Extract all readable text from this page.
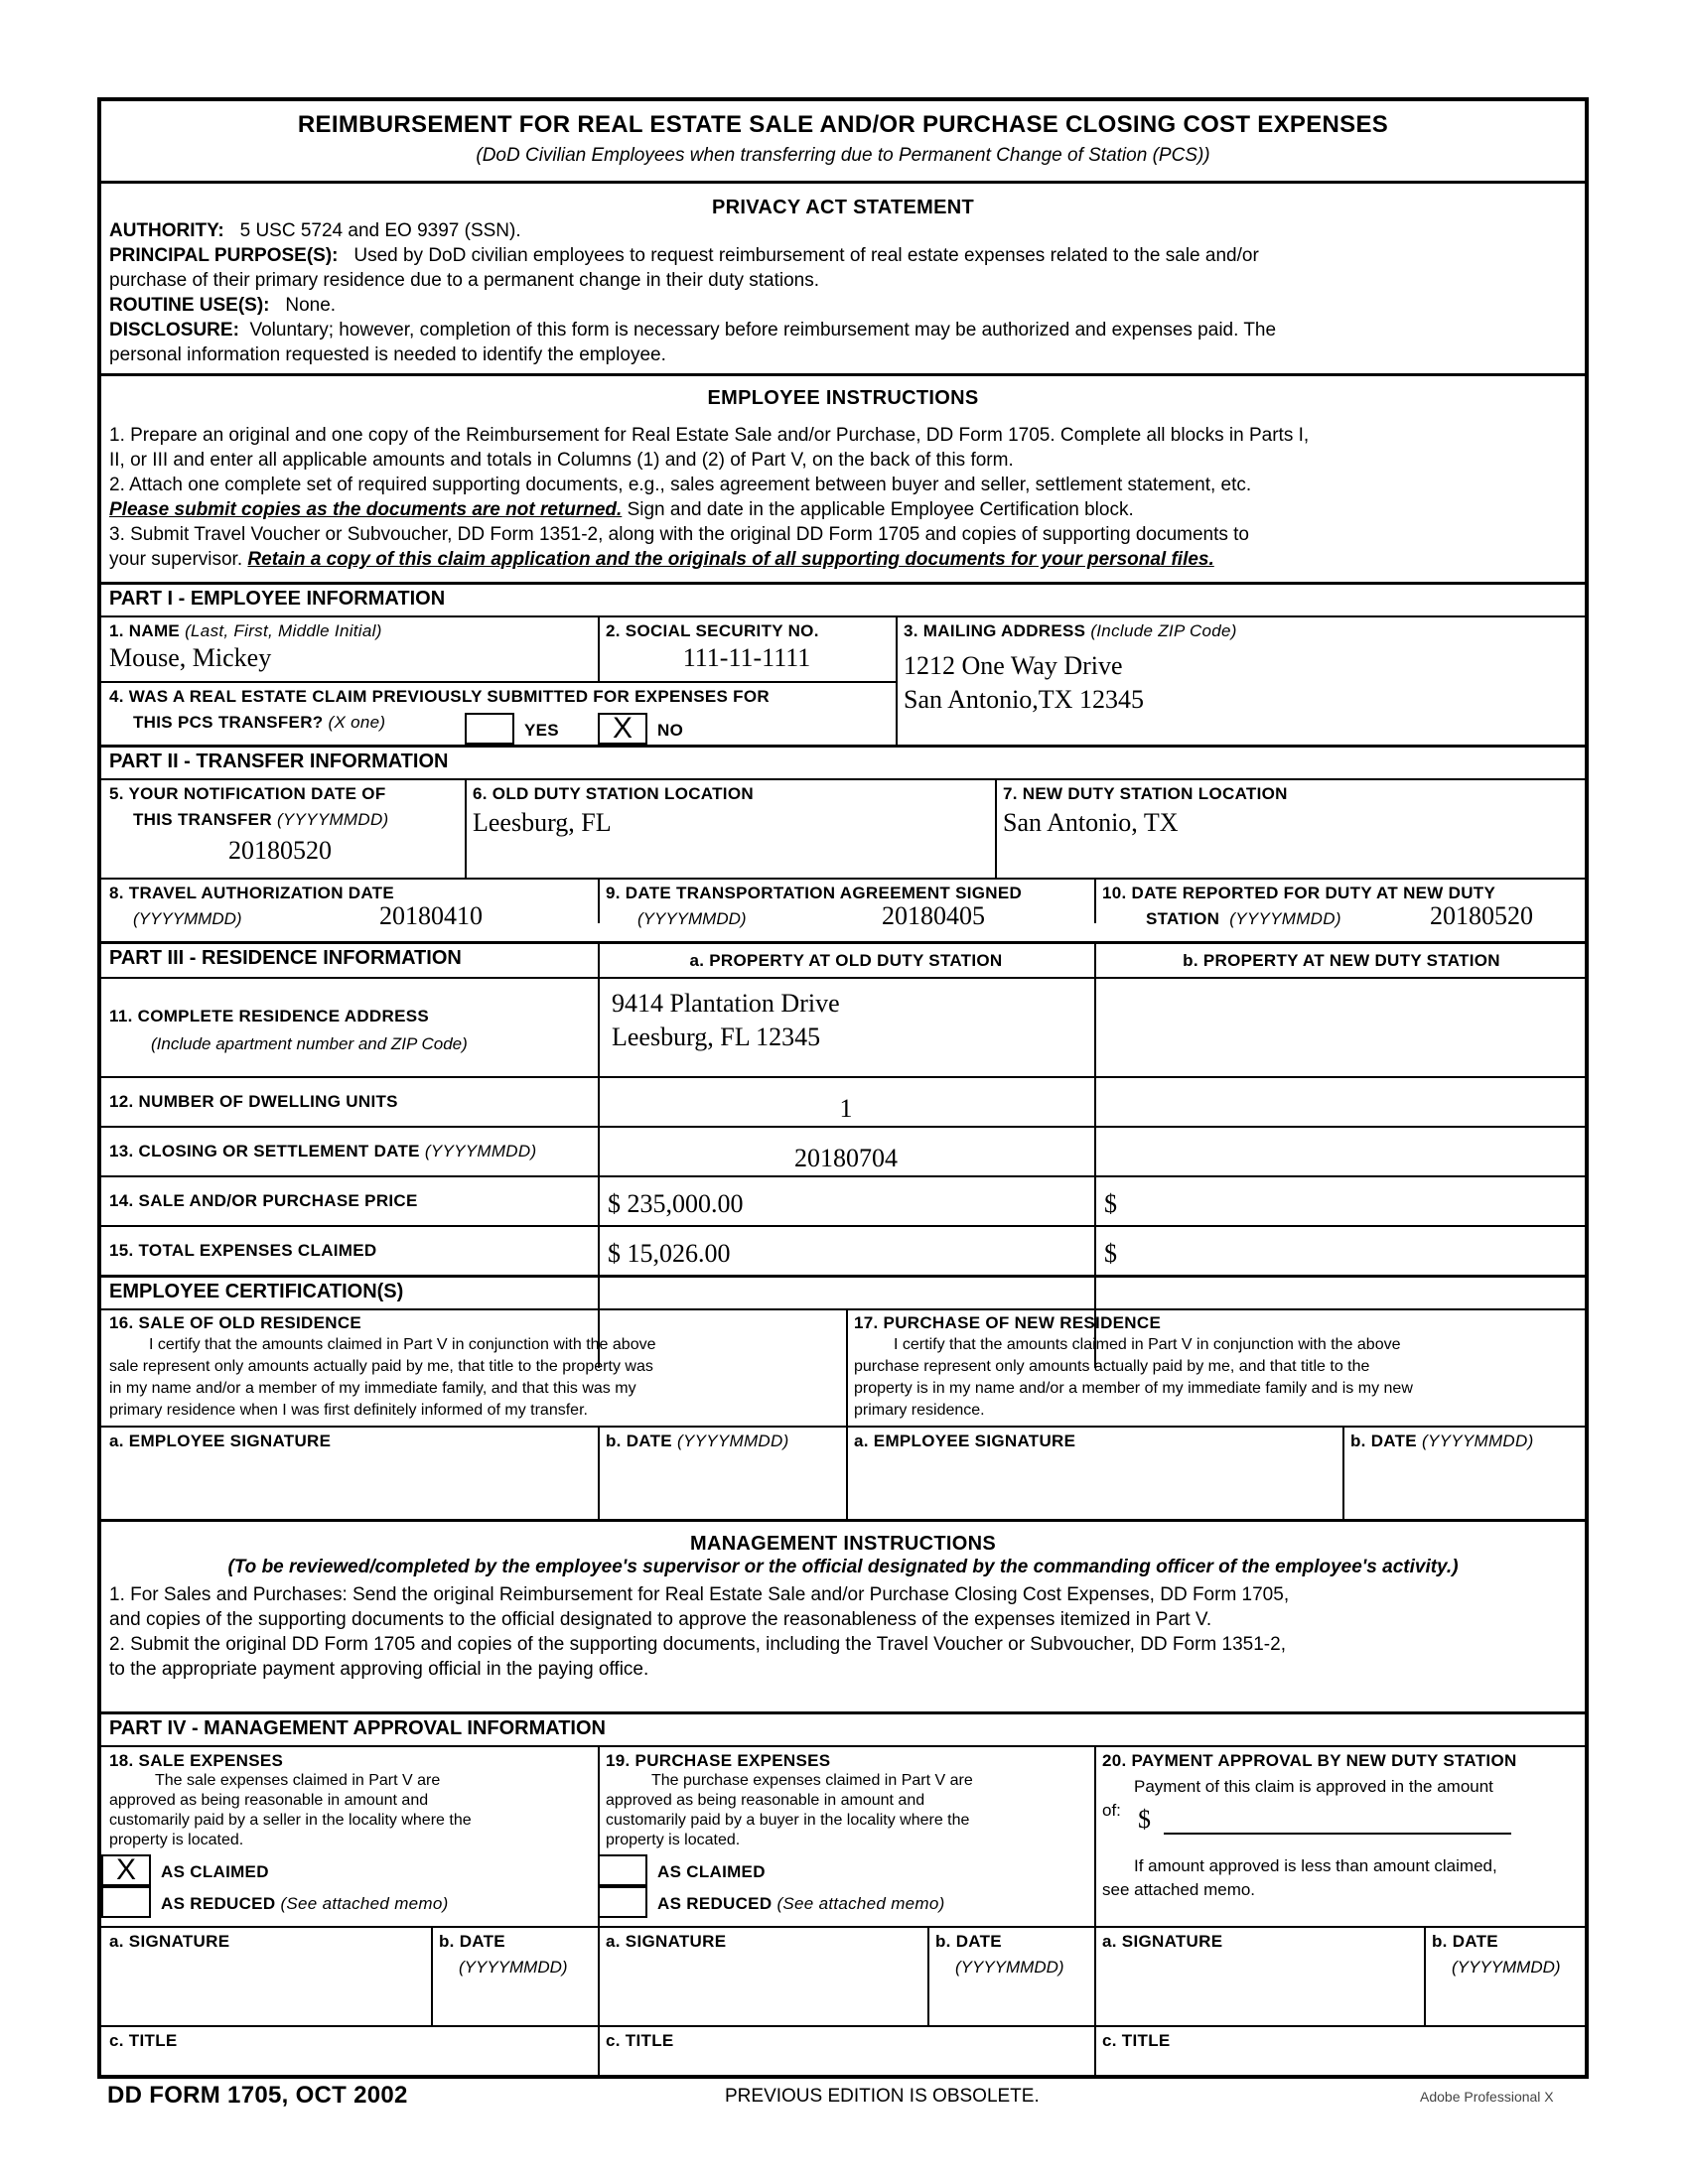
REIMBURSEMENT FOR REAL ESTATE SALE AND/OR PURCHASE CLOSING COST EXPENSES
(DoD Civilian Employees when transferring due to Permanent Change of Station (PCS))
PRIVACY ACT STATEMENT

AUTHORITY: 5 USC 5724 and EO 9397 (SSN).

PRINCIPAL PURPOSE(S): Used by DoD civilian employees to request reimbursement of real estate expenses related to the sale and/or

purchase of their primary residence due to a permanent change in their duty stations.

ROUTINE USE(S): None.

DISCLOSURE: Voluntary; however, completion of this form is necessary before reimbursement may be authorized and expenses paid. The

personal information requested is needed to identify the employee.

EMPLOYEE INSTRUCTIONS

1. Prepare an original and one copy of the Reimbursement for Real Estate Sale and/or Purchase, DD Form 1705. Complete all blocks in Parts I,

II, or III and enter all applicable amounts and totals in Columns (1) and (2) of Part V, on the back of this form.

2. Attach one complete set of required supporting documents, e.g., sales agreement between buyer and seller, settlement statement, etc.

Please submit copies as the documents are not returned. Sign and date in the applicable Employee Certification block.

3. Submit Travel Voucher or Subvoucher, DD Form 1351-2, along with the original DD Form 1705 and copies of supporting documents to

your supervisor. Retain a copy of this claim application and the originals of all supporting documents for your personal files.

PART I - EMPLOYEE INFORMATION
1. NAME (Last, First, Middle Initial)
Mouse, Mickey
2. SOCIAL SECURITY NO.
111-11-1111
3. MAILING ADDRESS (Include ZIP Code)
1212 One Way Drive
San Antonio,TX 12345
4. WAS A REAL ESTATE CLAIM PREVIOUSLY SUBMITTED FOR EXPENSES FOR
THIS PCS TRANSFER? (X one)	YES	X	NO
PART II - TRANSFER INFORMATION
5. YOUR NOTIFICATION DATE OF
THIS TRANSFER (YYYYMMDD)
20180520
6. OLD DUTY STATION LOCATION
Leesburg, FL
7. NEW DUTY STATION LOCATION
San Antonio, TX
8. TRAVEL AUTHORIZATION DATE
(YYYYMMDD)	20180410
9. DATE TRANSPORTATION AGREEMENT SIGNED
(YYYYMMDD)	20180405
10. DATE REPORTED FOR DUTY AT NEW DUTY
STATION (YYYYMMDD)	20180520
PART III - RESIDENCE INFORMATION	a. PROPERTY AT OLD DUTY STATION	b. PROPERTY AT NEW DUTY STATION
11. COMPLETE RESIDENCE ADDRESS
(Include apartment number and ZIP Code)
9414 Plantation Drive
Leesburg, FL 12345
12. NUMBER OF DWELLING UNITS	1
13. CLOSING OR SETTLEMENT DATE (YYYYMMDD)	20180704
14. SALE AND/OR PURCHASE PRICE	$ 235,000.00	$
15. TOTAL EXPENSES CLAIMED	$ 15,026.00	$
EMPLOYEE CERTIFICATION(S)
16. SALE OF OLD RESIDENCE
I certify that the amounts claimed in Part V in conjunction with the above
sale represent only amounts actually paid by me, that title to the property was
in my name and/or a member of my immediate family, and that this was my
primary residence when I was first definitely informed of my transfer.
17. PURCHASE OF NEW RESIDENCE
I certify that the amounts claimed in Part V in conjunction with the above
purchase represent only amounts actually paid by me, and that title to the
property is in my name and/or a member of my immediate family and is my new
primary residence.
a. EMPLOYEE SIGNATURE	b. DATE (YYYYMMDD)	a. EMPLOYEE SIGNATURE	b. DATE (YYYYMMDD)
MANAGEMENT INSTRUCTIONS
(To be reviewed/completed by the employee's supervisor or the official designated by the commanding officer of the employee's activity.)

1. For Sales and Purchases: Send the original Reimbursement for Real Estate Sale and/or Purchase Closing Cost Expenses, DD Form 1705,

and copies of the supporting documents to the official designated to approve the reasonableness of the expenses itemized in Part V.

2. Submit the original DD Form 1705 and copies of the supporting documents, including the Travel Voucher or Subvoucher, DD Form 1351-2,

to the appropriate payment approving official in the paying office.

PART IV - MANAGEMENT APPROVAL INFORMATION
18. SALE EXPENSES
The sale expenses claimed in Part V are
approved as being reasonable in amount and
customarily paid by a seller in the locality where the
property is located.
X	AS CLAIMED
AS REDUCED (See attached memo)
19. PURCHASE EXPENSES
The purchase expenses claimed in Part V are
approved as being reasonable in amount and
customarily paid by a buyer in the locality where the
property is located.
AS CLAIMED
AS REDUCED (See attached memo)
20. PAYMENT APPROVAL BY NEW DUTY STATION
Payment of this claim is approved in the amount
of: $
If amount approved is less than amount claimed,
see attached memo.
a. SIGNATURE	b. DATE
(YYYYMMDD)
a. SIGNATURE	b. DATE
(YYYYMMDD)
a. SIGNATURE	b. DATE
(YYYYMMDD)
c. TITLE	c. TITLE	c. TITLE
DD FORM 1705, OCT 2002	PREVIOUS EDITION IS OBSOLETE.	Adobe Professional X
